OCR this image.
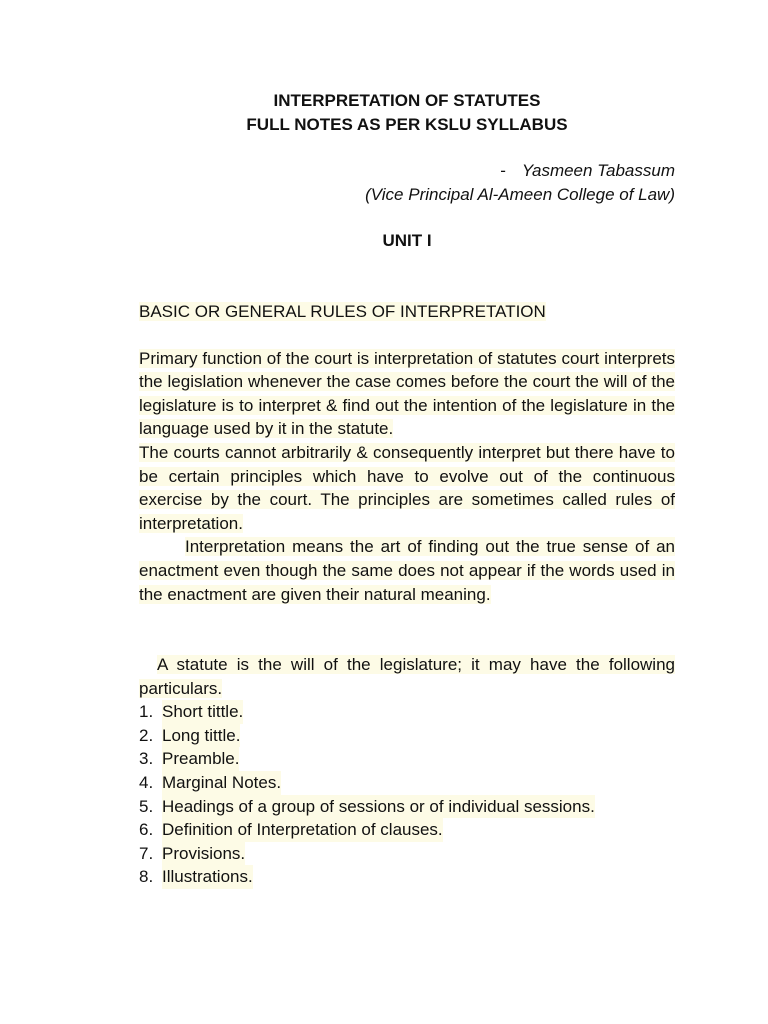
INTERPRETATION OF STATUTES
FULL NOTES AS PER KSLU SYLLABUS
- Yasmeen Tabassum
(Vice Principal Al-Ameen College of Law)
UNIT I
BASIC OR GENERAL RULES OF INTERPRETATION
Primary function of the court is interpretation of statutes court interprets the legislation whenever the case comes before the court the will of the legislature is to interpret & find out the intention of the legislature in the language used by it in the statute.
The courts cannot arbitrarily & consequently interpret but there have to be certain principles which have to evolve out of the continuous exercise by the court. The principles are sometimes called rules of interpretation.
Interpretation means the art of finding out the true sense of an enactment even though the same does not appear if the words used in the enactment are given their natural meaning.
A statute is the will of the legislature; it may have the following particulars.
1. Short tittle.
2. Long tittle.
3. Preamble.
4. Marginal Notes.
5. Headings of a group of sessions or of individual sessions.
6. Definition of Interpretation of clauses.
7. Provisions.
8. Illustrations.
